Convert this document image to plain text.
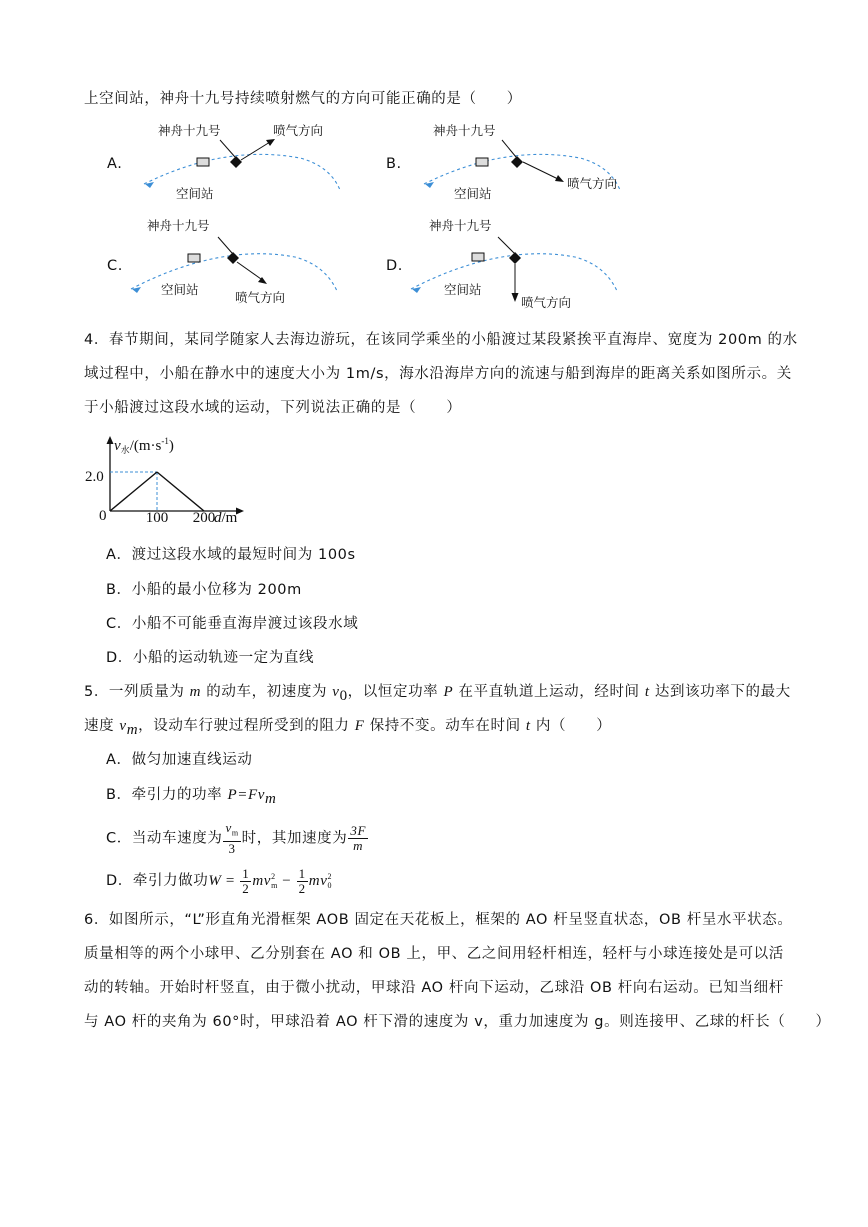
上空间站，神舟十九号持续喷射燃气的方向可能正确的是（　　）
A.
神舟十九号	喷气方向
空间站
B.
神舟十九号
喷气方向
空间站
C.
神舟十九号
喷气方向
空间站
D.
神舟十九号
喷气方向
空间站
4．春节期间，某同学随家人去海边游玩，在该同学乘坐的小船渡过某段紧挨平直海岸、宽度为 200m 的水
域过程中，小船在静水中的速度大小为 1m/s，海水沿海岸方向的流速与船到海岸的距离关系如图所示。关
于小船渡过这段水域的运动，下列说法正确的是（　　）
$v_水/(m\cdot s^{-1})$
2.0
0	100 200
d/m
A．渡过这段水域的最短时间为 100s
B．小船的最小位移为 200m
C．小船不可能垂直海岸渡过该段水域
D．小船的运动轨迹一定为直线
5．一列质量为 m 的动车，初速度为 $v_0$，以恒定功率 P 在平直轨道上运动，经时间 t 达到该功率下的最大
速度 $v_m$，设动车行驶过程所受到的阻力 F 保持不变。动车在时间 t 内（　　）
A．做匀加速直线运动
B．牵引力的功率 $P=Fv_m$
C．当动车速度为 $\frac{v_m}{3}$ 时，其加速度为 $\frac{3F}{m}$
D．牵引力做功$W = \frac{1}{2}$ mv 2
$m - \frac{1}{2}$ mv 2
0
6．如图所示，“L”形直角光滑框架 AOB 固定在天花板上，框架的 AO 杆呈竖直状态，OB 杆呈水平状态。
质量相等的两个小球甲、乙分别套在 AO 和 OB 上，甲、乙之间用轻杆相连，轻杆与小球连接处是可以活
动的转轴。开始时杆竖直，由于微小扰动，甲球沿 AO 杆向下运动，乙球沿 OB 杆向右运动。已知当细杆
与 AO 杆的夹角为 60°时，甲球沿着 AO 杆下滑的速度为 v，重力加速度为 g。则连接甲、乙球的杆长（　　）
